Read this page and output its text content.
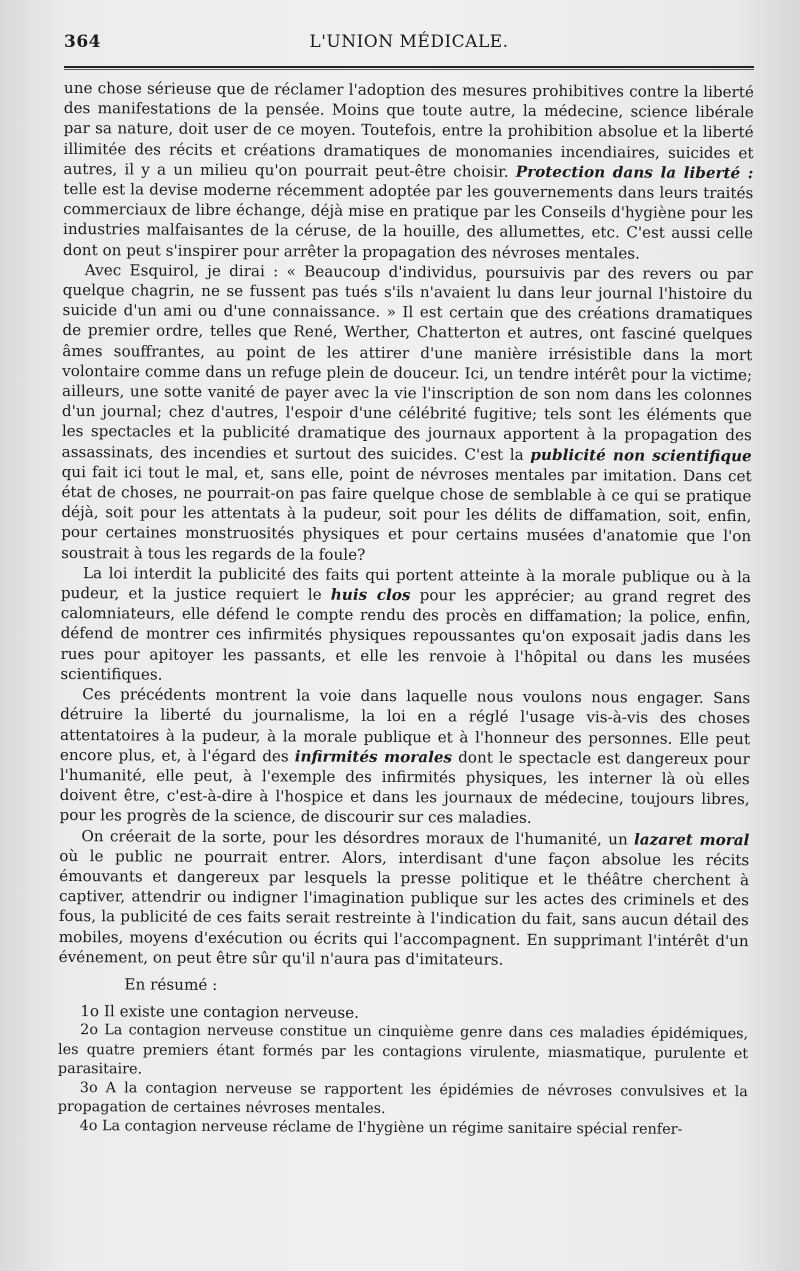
364	L'UNION MÉDICALE.

une chose sérieuse que de réclamer l'adoption des mesures prohibitives contre la liberté des manifestations de la pensée. Moins que toute autre, la médecine, science libérale par sa nature, doit user de ce moyen. Toutefois, entre la prohibition absolue et la liberté illimitée des récits et créations dramatiques de monomanies incendiaires, suicides et autres, il y a un milieu qu'on pourrait peut-être choisir. Protection dans la liberté : telle est la devise moderne récemment adoptée par les gouvernements dans leurs traités commerciaux de libre échange, déjà mise en pratique par les Conseils d'hygiène pour les industries malfaisantes de la céruse, de la houille, des allumettes, etc. C'est aussi celle dont on peut s'inspirer pour arrêter la propagation des névroses mentales.

Avec Esquirol, je dirai : « Beaucoup d'individus, poursuivis par des revers ou par quelque chagrin, ne se fussent pas tués s'ils n'avaient lu dans leur journal l'histoire du suicide d'un ami ou d'une connaissance. » Il est certain que des créations dramatiques de premier ordre, telles que René, Werther, Chatterton et autres, ont fasciné quelques âmes souffrantes, au point de les attirer d'une manière irrésistible dans la mort volontaire comme dans un refuge plein de douceur. Ici, un tendre intérêt pour la victime; ailleurs, une sotte vanité de payer avec la vie l'inscription de son nom dans les colonnes d'un journal; chez d'autres, l'espoir d'une célébrité fugitive; tels sont les éléments que les spectacles et la publicité dramatique des journaux apportent à la propagation des assassinats, des incendies et surtout des suicides. C'est la publicité non scientifique qui fait ici tout le mal, et, sans elle, point de névroses mentales par imitation. Dans cet état de choses, ne pourrait-on pas faire quelque chose de semblable à ce qui se pratique déjà, soit pour les attentats à la pudeur, soit pour les délits de diffamation, soit, enfin, pour certaines monstruosités physiques et pour certains musées d'anatomie que l'on soustrait à tous les regards de la foule?

La loi interdit la publicité des faits qui portent atteinte à la morale publique ou à la pudeur, et la justice requiert le huis clos pour les apprécier; au grand regret des calomniateurs, elle défend le compte rendu des procès en diffamation; la police, enfin, défend de montrer ces infirmités physiques repoussantes qu'on exposait jadis dans les rues pour apitoyer les passants, et elle les renvoie à l'hôpital ou dans les musées scientifiques.

Ces précédents montrent la voie dans laquelle nous voulons nous engager. Sans détruire la liberté du journalisme, la loi en a réglé l'usage vis-à-vis des choses attentatoires à la pudeur, à la morale publique et à l'honneur des personnes. Elle peut encore plus, et, à l'égard des infirmités morales dont le spectacle est dangereux pour l'humanité, elle peut, à l'exemple des infirmités physiques, les interner là où elles doivent être, c'est-à-dire à l'hospice et dans les journaux de médecine, toujours libres, pour les progrès de la science, de discourir sur ces maladies.

On créerait de la sorte, pour les désordres moraux de l'humanité, un lazaret moral où le public ne pourrait entrer. Alors, interdisant d'une façon absolue les récits émouvants et dangereux par lesquels la presse politique et le théâtre cherchent à captiver, attendrir ou indigner l'imagination publique sur les actes des criminels et des fous, la publicité de ces faits serait restreinte à l'indication du fait, sans aucun détail des mobiles, moyens d'exécution ou écrits qui l'accompagnent. En supprimant l'intérêt d'un événement, on peut être sûr qu'il n'aura pas d'imitateurs.

En résumé :

1o Il existe une contagion nerveuse.

2o La contagion nerveuse constitue un cinquième genre dans ces maladies épidémiques, les quatre premiers étant formés par les contagions virulente, miasmatique, purulente et parasitaire.

3o A la contagion nerveuse se rapportent les épidémies de névroses convulsives et la propagation de certaines névroses mentales.

4o La contagion nerveuse réclame de l'hygiène un régime sanitaire spécial renfer-
